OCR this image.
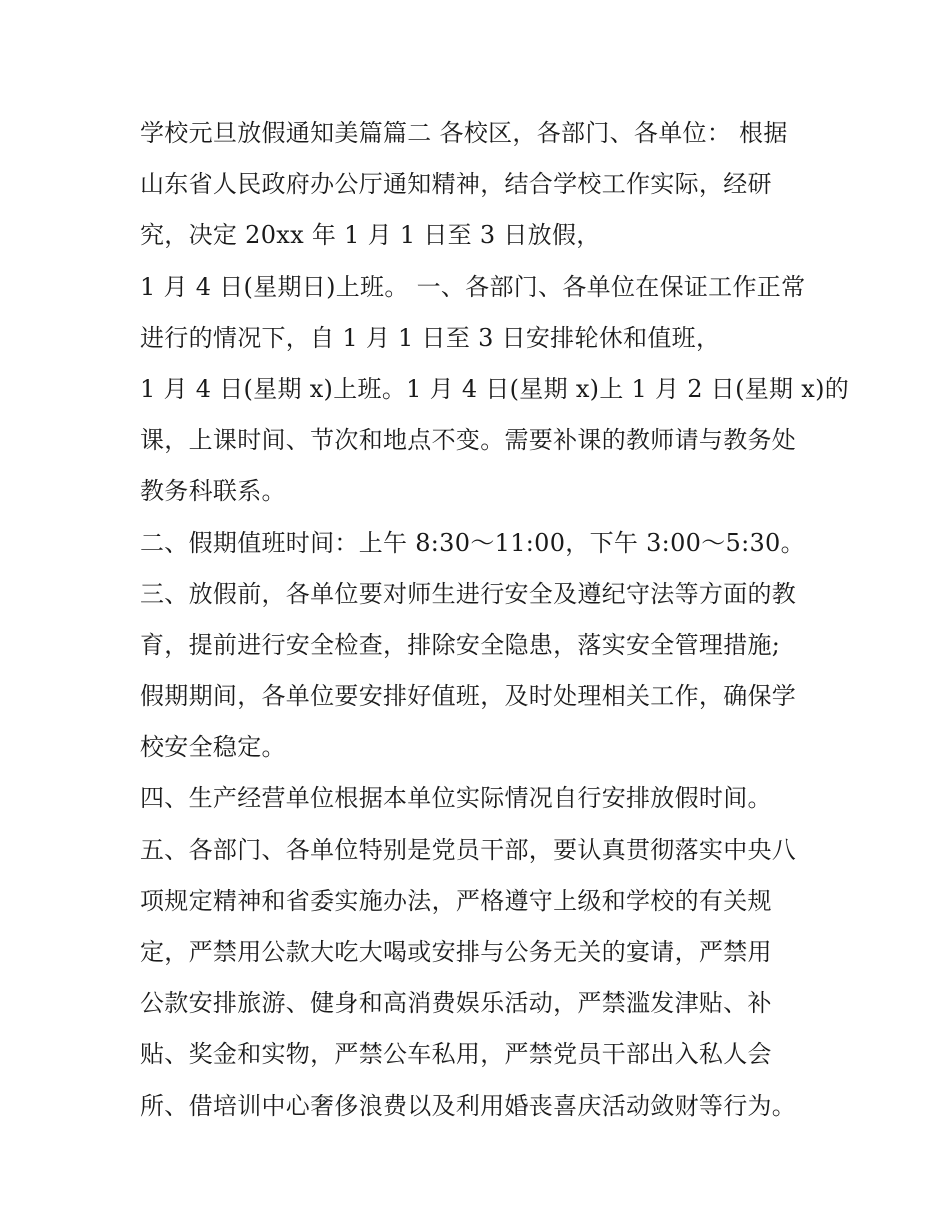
学校元旦放假通知美篇篇二 各校区，各部门、各单位： 根据
山东省人民政府办公厅通知精神，结合学校工作实际，经研
究，决定 20xx 年 1 月 1 日至 3 日放假，
1 月 4 日(星期日)上班。 一、各部门、各单位在保证工作正常
进行的情况下，自 1 月 1 日至 3 日安排轮休和值班，
1 月 4 日(星期 x)上班。1 月 4 日(星期 x)上 1 月 2 日(星期 x)的
课，上课时间、节次和地点不变。需要补课的教师请与教务处
教务科联系。
二、假期值班时间：上午 8:30～11:00，下午 3:00～5:30。
三、放假前，各单位要对师生进行安全及遵纪守法等方面的教
育，提前进行安全检查，排除安全隐患，落实安全管理措施;
假期期间，各单位要安排好值班，及时处理相关工作，确保学
校安全稳定。
四、生产经营单位根据本单位实际情况自行安排放假时间。
五、各部门、各单位特别是党员干部，要认真贯彻落实中央八
项规定精神和省委实施办法，严格遵守上级和学校的有关规
定，严禁用公款大吃大喝或安排与公务无关的宴请，严禁用
公款安排旅游、健身和高消费娱乐活动，严禁滥发津贴、补
贴、奖金和实物，严禁公车私用，严禁党员干部出入私人会
所、借培训中心奢侈浪费以及利用婚丧喜庆活动敛财等行为。
